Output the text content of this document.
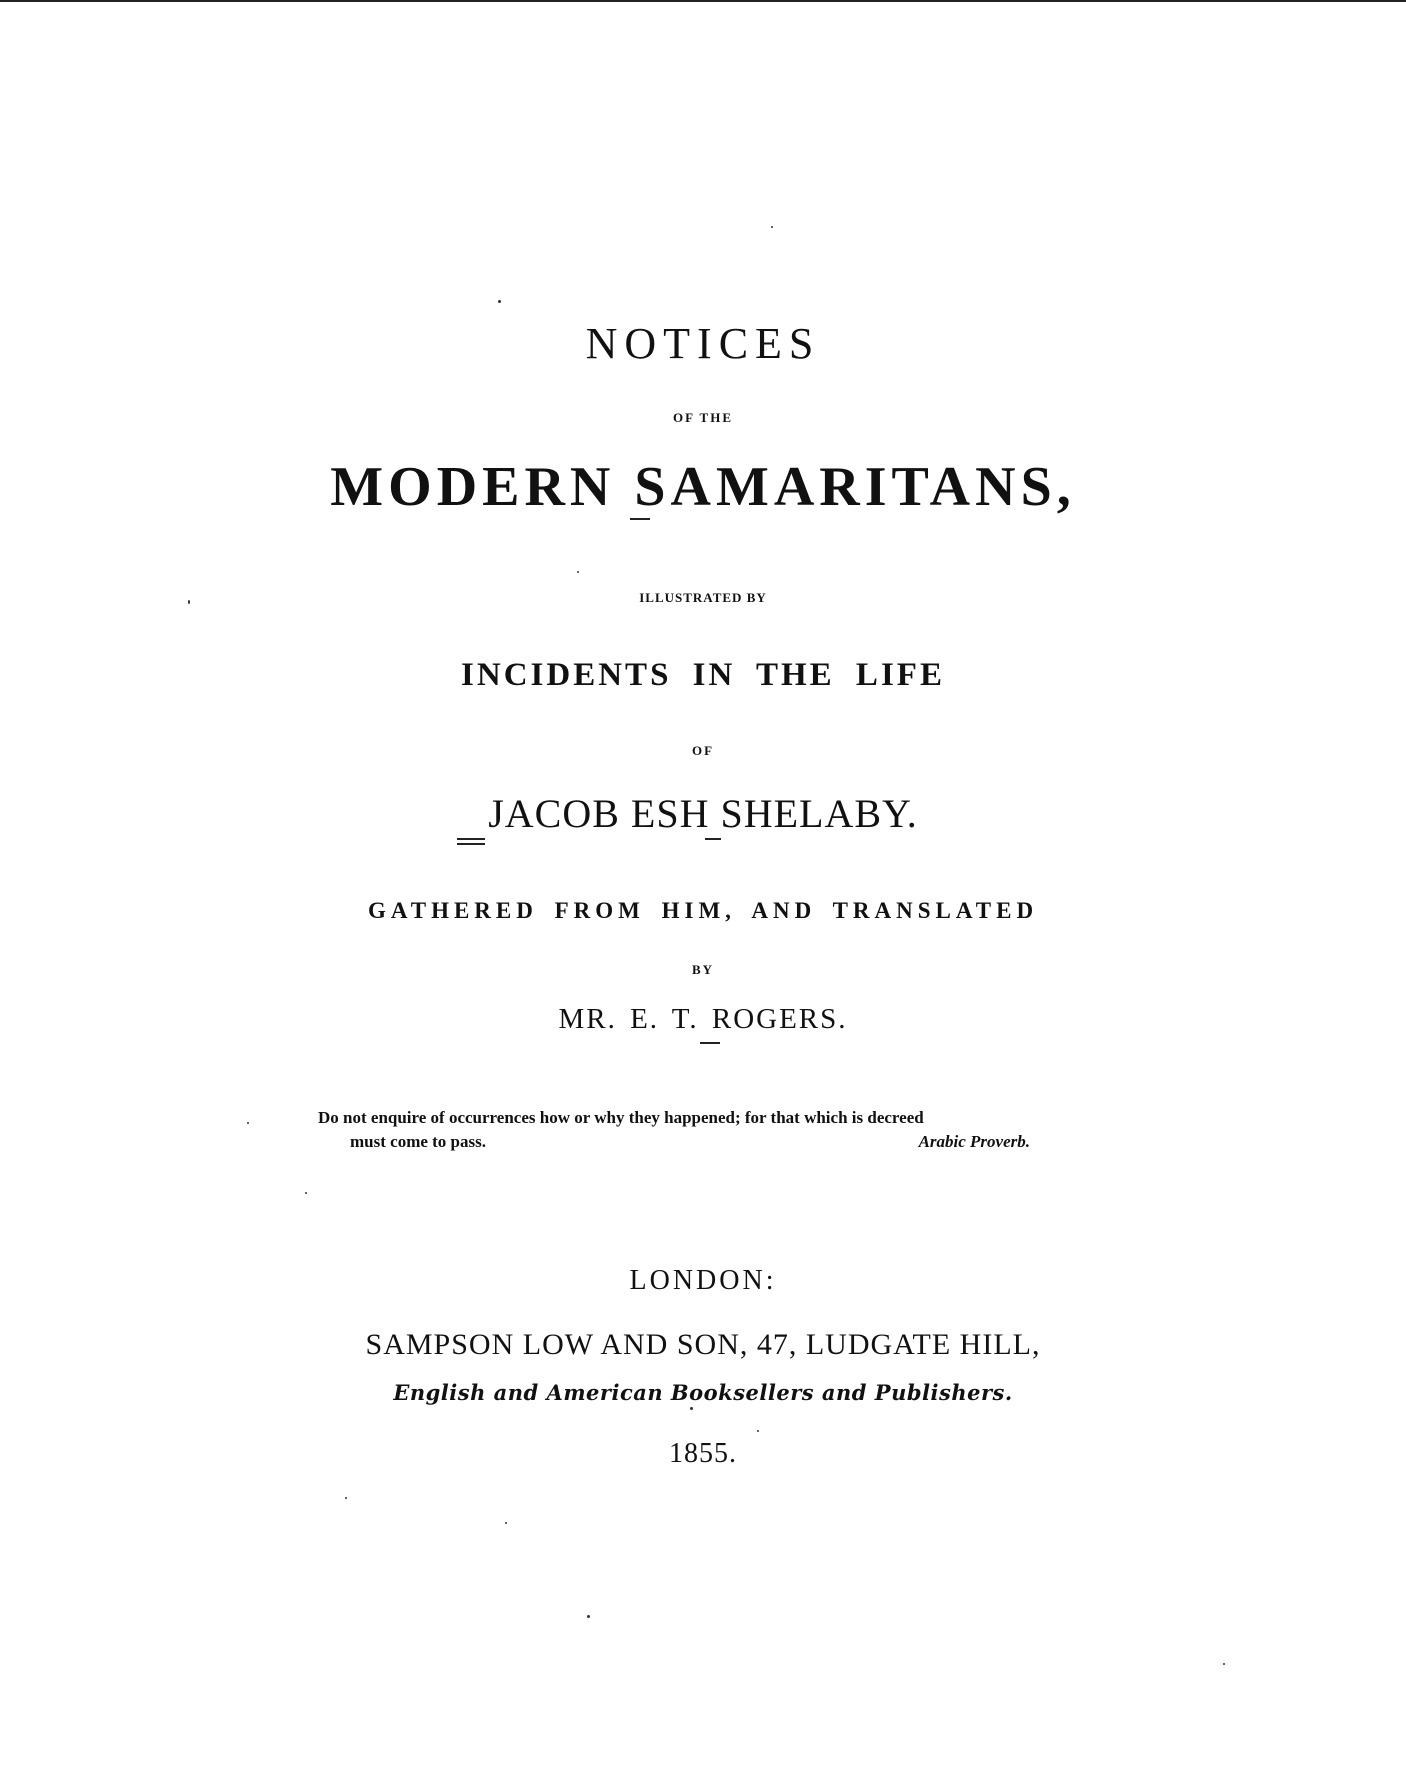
NOTICES
OF THE
MODERN SAMARITANS,
ILLUSTRATED BY
INCIDENTS IN THE LIFE
OF
JACOB ESH SHELABY.
GATHERED FROM HIM, AND TRANSLATED
BY
MR. E. T. ROGERS.
Do not enquire of occurrences how or why they happened; for that which is decreed
must come to pass.	Arabic Proverb.
LONDON:
SAMPSON LOW AND SON, 47, LUDGATE HILL,
English and American Booksellers and Publishers.
1855.
